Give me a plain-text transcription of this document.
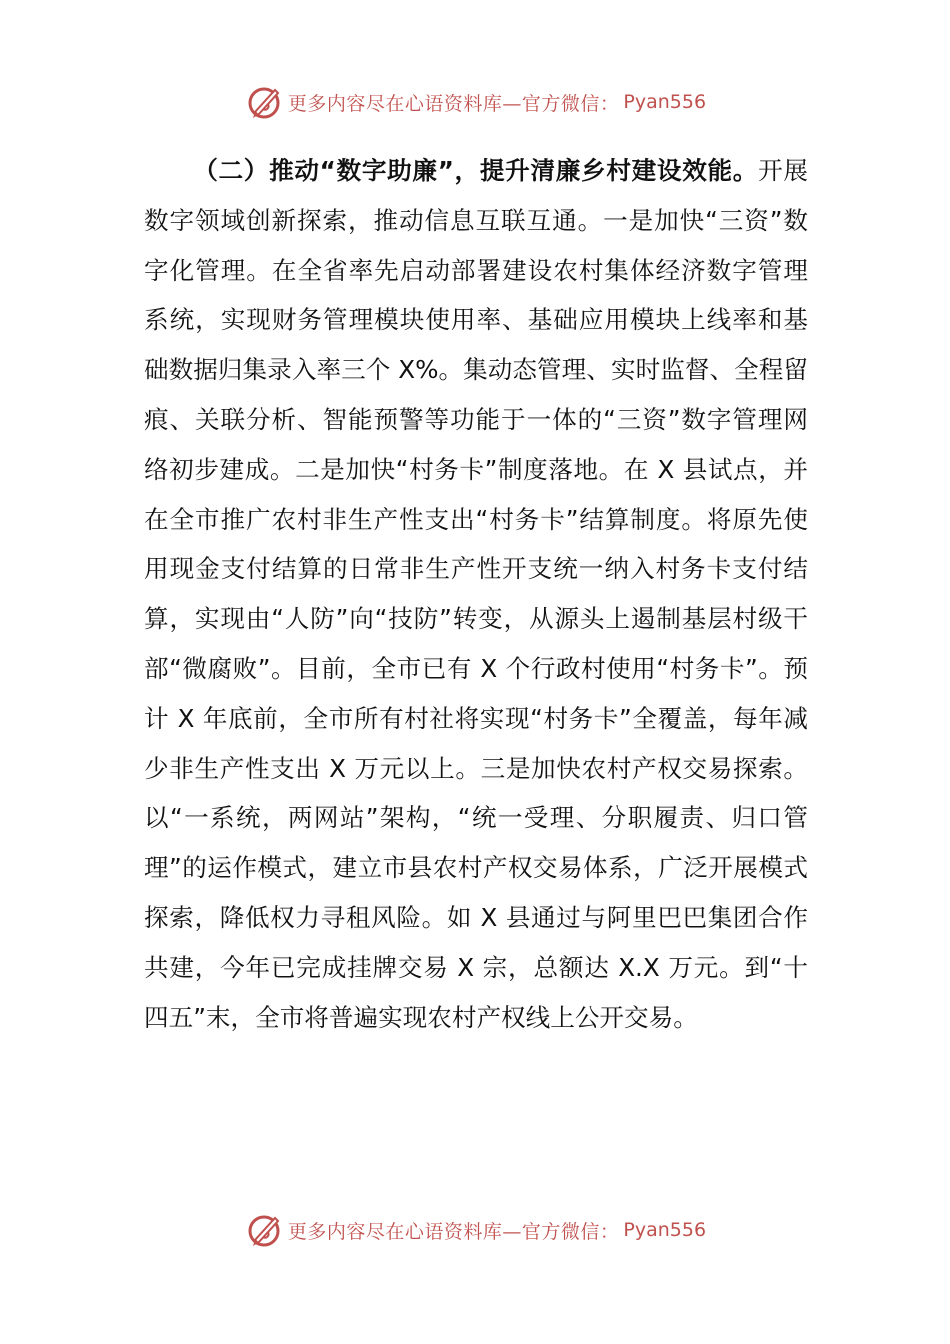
更多内容尽在心语资料库—官方微信： Pyan556

（二）推动“数字助廉”，提升清廉乡村建设效能。开展数字领域创新探索，推动信息互联互通。一是加快“三资”数字化管理。在全省率先启动部署建设农村集体经济数字管理系统，实现财务管理模块使用率、基础应用模块上线率和基础数据归集录入率三个 X%。集动态管理、实时监督、全程留痕、关联分析、智能预警等功能于一体的“三资”数字管理网络初步建成。二是加快“村务卡”制度落地。在 X 县试点，并在全市推广农村非生产性支出“村务卡”结算制度。将原先使用现金支付结算的日常非生产性开支统一纳入村务卡支付结算，实现由“人防”向“技防”转变，从源头上遏制基层村级干部“微腐败”。目前，全市已有 X 个行政村使用“村务卡”。预计 X 年底前，全市所有村社将实现“村务卡”全覆盖，每年减少非生产性支出 X 万元以上。三是加快农村产权交易探索。以“一系统，两网站”架构，“统一受理、分职履责、归口管理”的运作模式，建立市县农村产权交易体系，广泛开展模式探索，降低权力寻租风险。如 X 县通过与阿里巴巴集团合作共建，今年已完成挂牌交易 X 宗，总额达 X.X 万元。到“十四五”末，全市将普遍实现农村产权线上公开交易。

更多内容尽在心语资料库—官方微信： Pyan556
